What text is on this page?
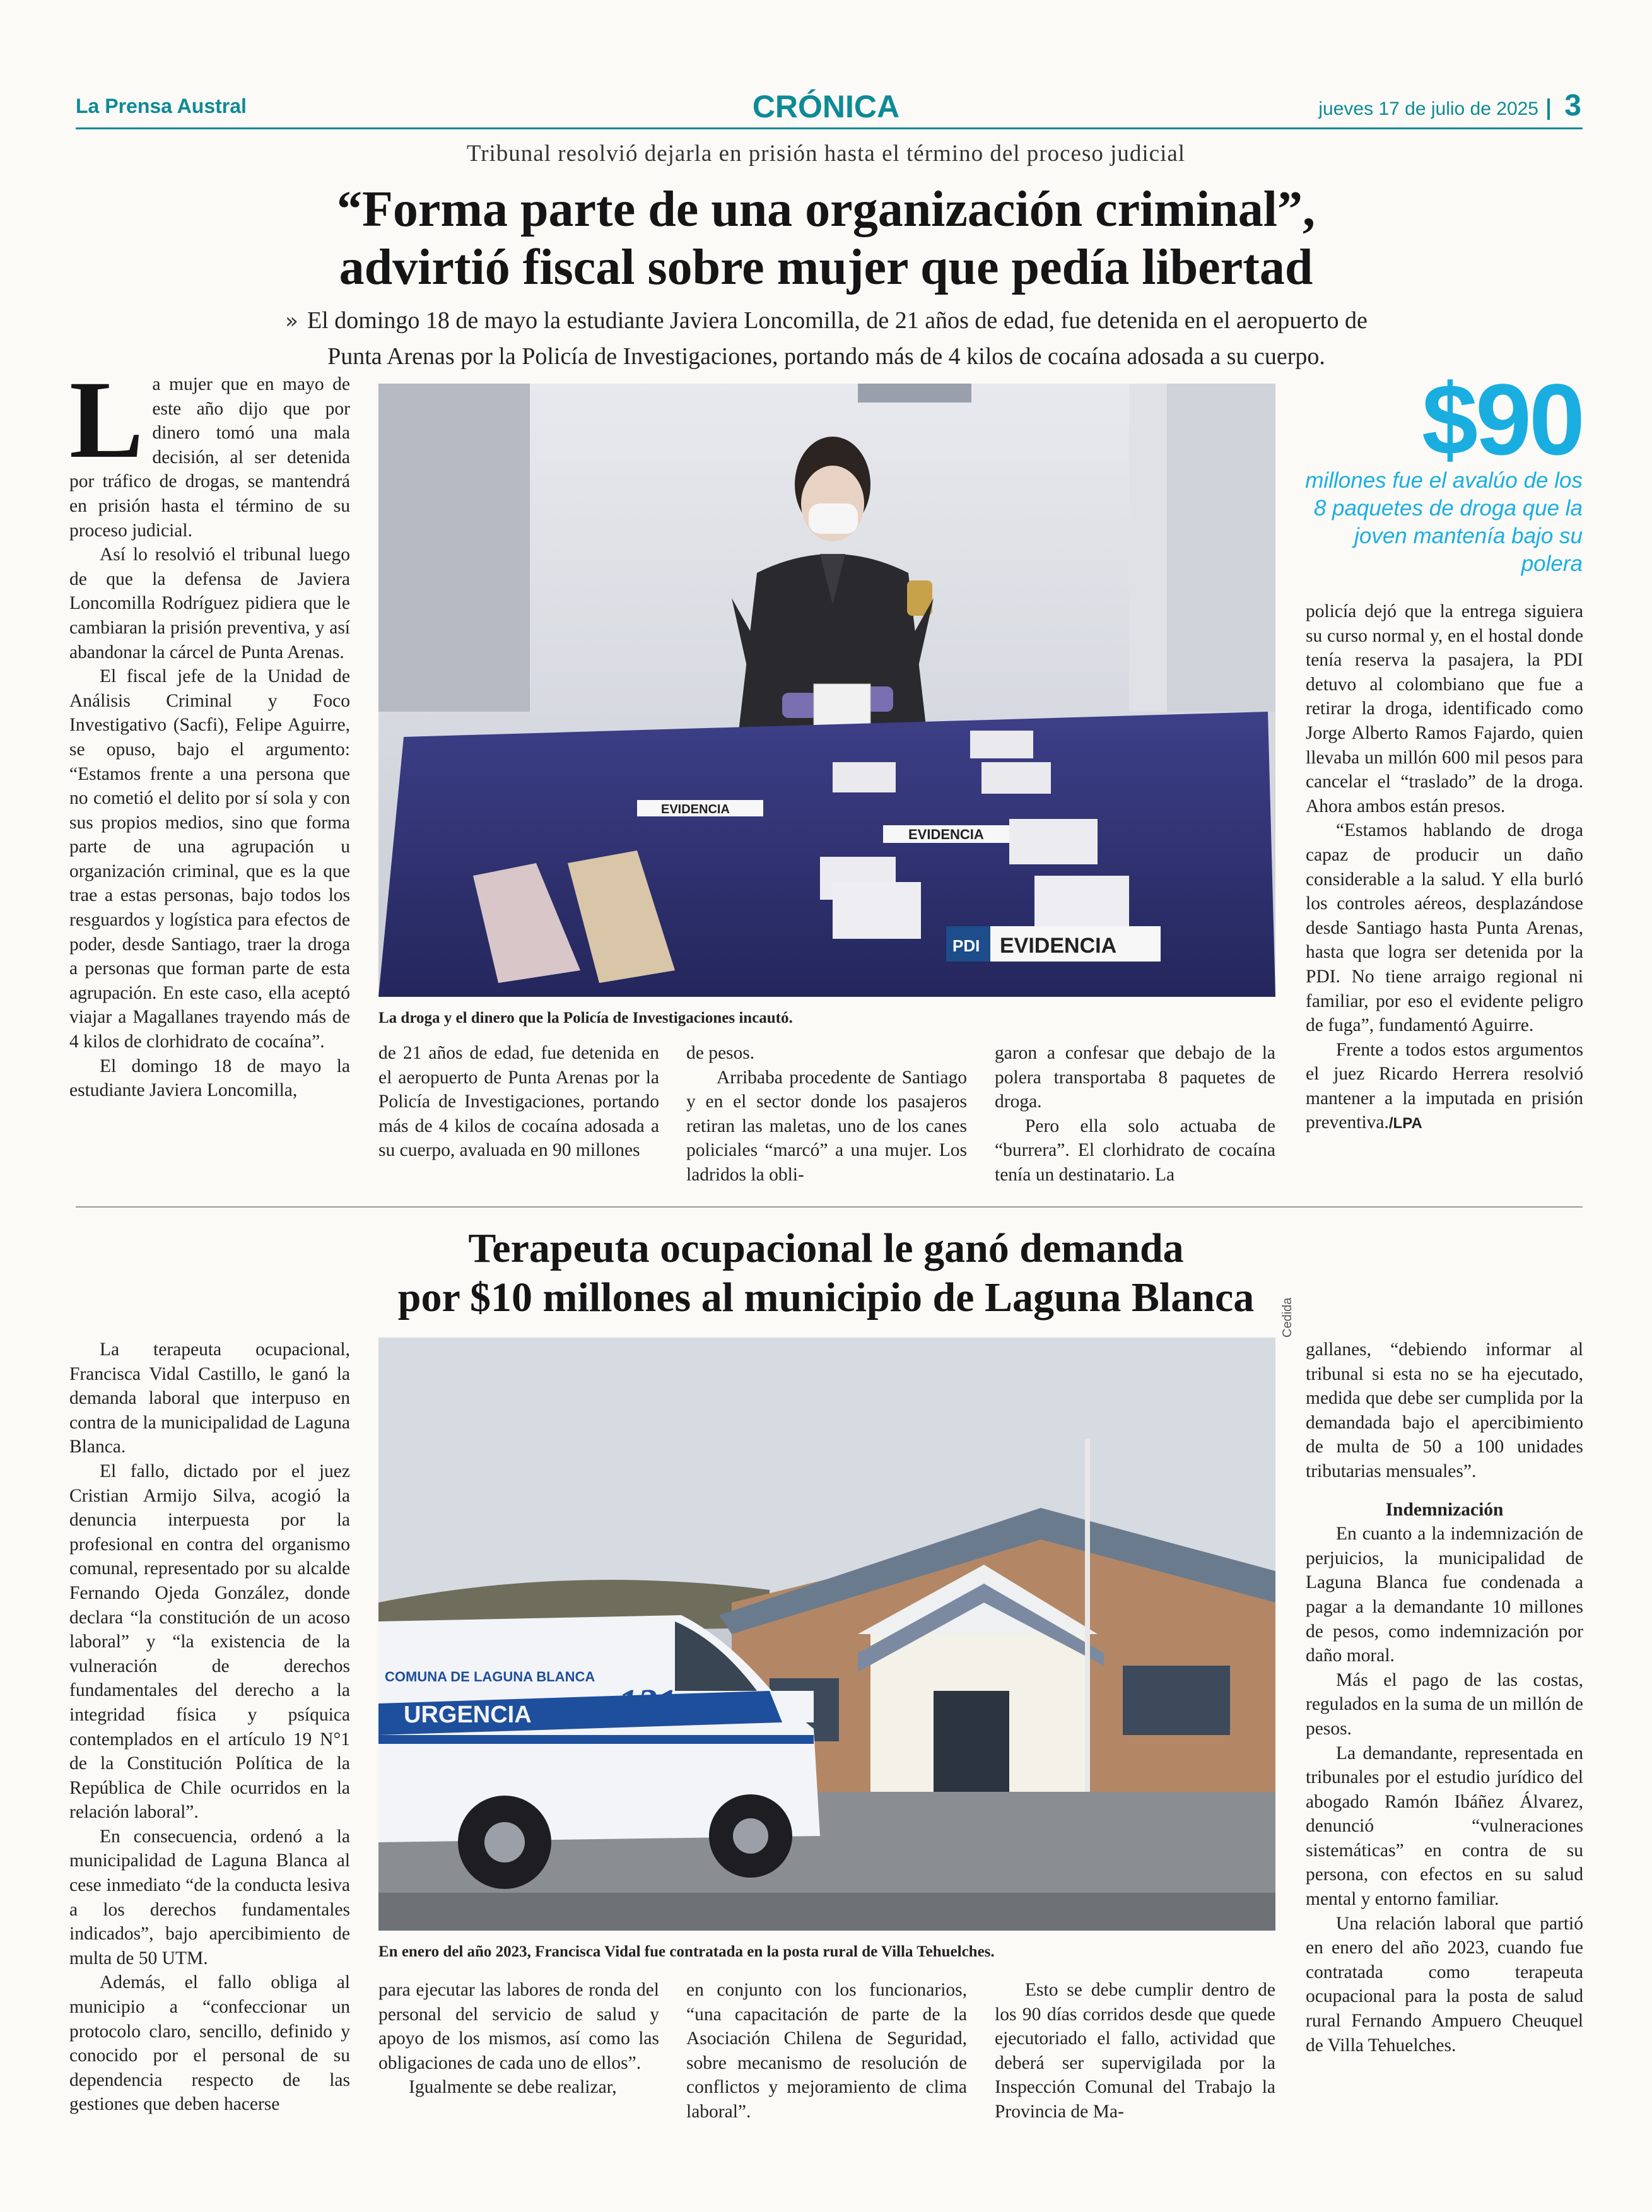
La Prensa Austral	CRÓNICA	jueves 17 de julio de 2025 3
Tribunal resolvió dejarla en prisión hasta el término del proceso judicial
“Forma parte de una organización criminal”,
advirtió fiscal sobre mujer que pedía libertad
» El domingo 18 de mayo la estudiante Javiera Loncomilla, de 21 años de edad, fue detenida en el aeropuerto de
Punta Arenas por la Policía de Investigaciones, portando más de 4 kilos de cocaína adosada a su cuerpo.

La mujer que en mayo de este año dijo que por dinero tomó una mala decisión, al ser detenida por tráfico de drogas, se mantendrá en prisión hasta el término de su proceso judicial.

Así lo resolvió el tribunal luego de que la defensa de Javiera Loncomilla Rodríguez pidiera que le cambiaran la prisión preventiva, y así abandonar la cárcel de Punta Arenas.

El fiscal jefe de la Unidad de Análisis Criminal y Foco Investigativo (Sacfi), Felipe Aguirre, se opuso, bajo el argumento: “Estamos frente a una persona que no cometió el delito por sí sola y con sus propios medios, sino que forma parte de una agrupación u organización criminal, que es la que trae a estas personas, bajo todos los resguardos y logística para efectos de poder, desde Santiago, traer la droga a personas que forman parte de esta agrupación. En este caso, ella aceptó viajar a Magallanes trayendo más de 4 kilos de clorhidrato de cocaína”.

El domingo 18 de mayo la estudiante Javiera Loncomilla,

EVIDENCIA
EVIDENCIA
PDI EVIDENCIA
La droga y el dinero que la Policía de Investigaciones incautó.

de 21 años de edad, fue detenida en el aeropuerto de Punta Arenas por la Policía de Investigaciones, portando más de 4 kilos de cocaína adosada a su cuerpo, avaluada en 90 millones

de pesos.

Arribaba procedente de Santiago y en el sector donde los pasajeros retiran las maletas, uno de los canes policiales “marcó” a una mujer. Los ladridos la obli-

garon a confesar que debajo de la polera transportaba 8 paquetes de droga.

Pero ella solo actuaba de “burrera”. El clorhidrato de cocaína tenía un destinatario. La

$90
millones fue el avalúo de los 8 paquetes de droga que la joven mantenía bajo su polera

policía dejó que la entrega siguiera su curso normal y, en el hostal donde tenía reserva la pasajera, la PDI detuvo al colombiano que fue a retirar la droga, identificado como Jorge Alberto Ramos Fajardo, quien llevaba un millón 600 mil pesos para cancelar el “traslado” de la droga. Ahora ambos están presos.

“Estamos hablando de droga capaz de producir un daño considerable a la salud. Y ella burló los controles aéreos, desplazándose desde Santiago hasta Punta Arenas, hasta que logra ser detenida por la PDI. No tiene arraigo regional ni familiar, por eso el evidente peligro de fuga”, fundamentó Aguirre.

Frente a todos estos argumentos el juez Ricardo Herrera resolvió mantener a la imputada en prisión preventiva./LPA

Terapeuta ocupacional le ganó demanda
por $10 millones al municipio de Laguna Blanca

La terapeuta ocupacional, Francisca Vidal Castillo, le ganó la demanda laboral que interpuso en contra de la municipalidad de Laguna Blanca.

El fallo, dictado por el juez Cristian Armijo Silva, acogió la denuncia interpuesta por la profesional en contra del organismo comunal, representado por su alcalde Fernando Ojeda González, donde declara “la constitución de un acoso laboral” y “la existencia de la vulneración de derechos fundamentales del derecho a la integridad física y psíquica contemplados en el artículo 19 N°1 de la Constitución Política de la República de Chile ocurridos en la relación laboral”.

En consecuencia, ordenó a la municipalidad de Laguna Blanca al cese inmediato “de la conducta lesiva a los derechos fundamentales indicados”, bajo apercibimiento de multa de 50 UTM.

Además, el fallo obliga al municipio a “confeccionar un protocolo claro, sencillo, definido y conocido por el personal de su dependencia respecto de las gestiones que deben hacerse

COMUNA DE LAGUNA BLANCA
URGENCIA 131
Cedida
En enero del año 2023, Francisca Vidal fue contratada en la posta rural de Villa Tehuelches.

para ejecutar las labores de ronda del personal del servicio de salud y apoyo de los mismos, así como las obligaciones de cada uno de ellos”.

Igualmente se debe realizar,

en conjunto con los funcionarios, “una capacitación de parte de la Asociación Chilena de Seguridad, sobre mecanismo de resolución de conflictos y mejoramiento de clima laboral”.

Esto se debe cumplir dentro de los 90 días corridos desde que quede ejecutoriado el fallo, actividad que deberá ser supervigilada por la Inspección Comunal del Trabajo la Provincia de Ma-

gallanes, “debiendo informar al tribunal si esta no se ha ejecutado, medida que debe ser cumplida por la demandada bajo el apercibimiento de multa de 50 a 100 unidades tributarias mensuales”.

Indemnización

En cuanto a la indemnización de perjuicios, la municipalidad de Laguna Blanca fue condenada a pagar a la demandante 10 millones de pesos, como indemnización por daño moral.

Más el pago de las costas, regulados en la suma de un millón de pesos.

La demandante, representada en tribunales por el estudio jurídico del abogado Ramón Ibáñez Álvarez, denunció “vulneraciones sistemáticas” en contra de su persona, con efectos en su salud mental y entorno familiar.

Una relación laboral que partió en enero del año 2023, cuando fue contratada como terapeuta ocupacional para la posta de salud rural Fernando Ampuero Cheuquel de Villa Tehuelches.
